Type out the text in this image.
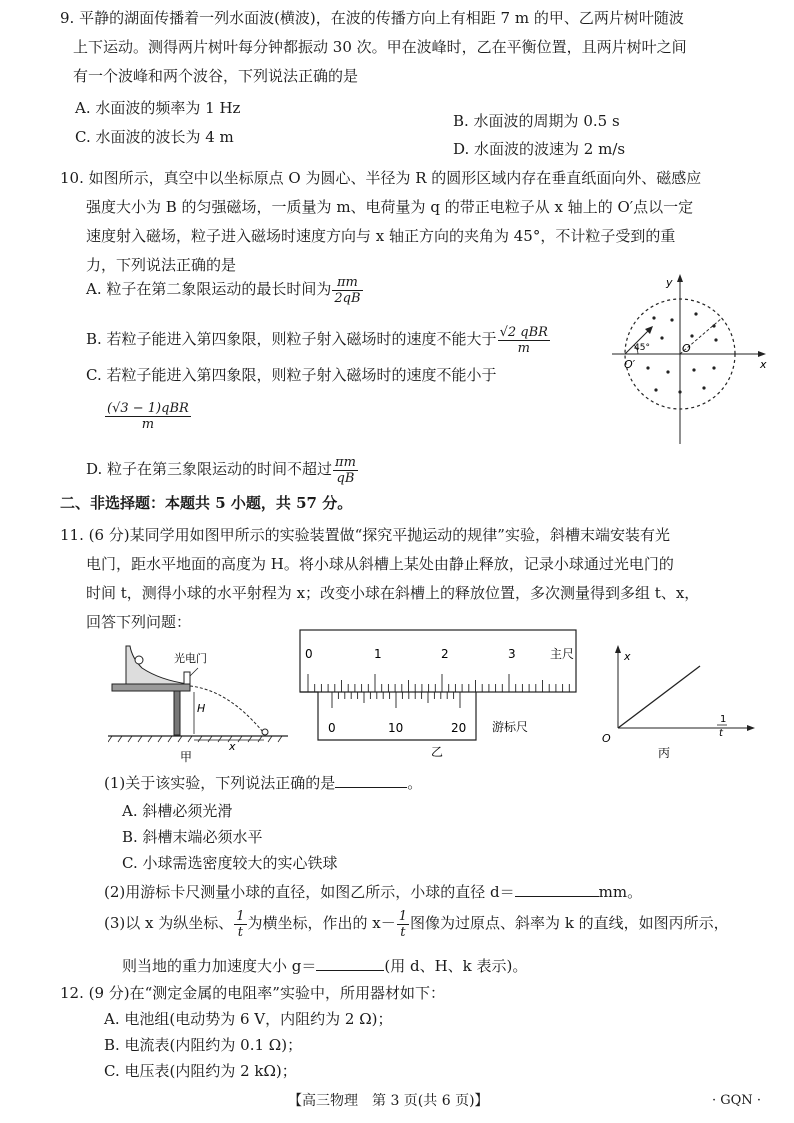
9. 平静的湖面传播着一列水面波(横波)，在波的传播方向上有相距 7 m 的甲、乙两片树叶随波
上下运动。测得两片树叶每分钟都振动 30 次。甲在波峰时，乙在平衡位置，且两片树叶之间
有一个波峰和两个波谷，下列说法正确的是
A. 水面波的频率为 1 Hz
B. 水面波的周期为 0.5 s
C. 水面波的波长为 4 m
D. 水面波的波速为 2 m/s
10. 如图所示，真空中以坐标原点 O 为圆心、半径为 R 的圆形区域内存在垂直纸面向外、磁感应
强度大小为 B 的匀强磁场，一质量为 m、电荷量为 q 的带正电粒子从 x 轴上的 O′点以一定
速度射入磁场，粒子进入磁场时速度方向与 x 轴正方向的夹角为 45°，不计粒子受到的重
力，下列说法正确的是
A. 粒子在第二象限运动的最长时间为 $\frac{\pi m}{2qB}$
B. 若粒子能进入第四象限，则粒子射入磁场时的速度不能大于 $\frac{\text{√2 qBR}}{m}$
C. 若粒子能进入第四象限，则粒子射入磁场时的速度不能小于
$\frac{\text{(√3 − 1)qBR}}{m}$
D. 粒子在第三象限运动的时间不超过 $\frac{\pi m}{qB}$
y
x
O
O′
45°
二、非选择题：本题共 5 小题，共 57 分。
11. (6 分)某同学用如图甲所示的实验装置做“探究平抛运动的规律”实验，斜槽末端安装有光
电门，距水平地面的高度为 H。将小球从斜槽上某处由静止释放，记录小球通过光电门的
时间 t，测得小球的水平射程为 x；改变小球在斜槽上的释放位置，多次测量得到多组 t、x，
回答下列问题：
光电门
H
x
甲
0	1	2	3	主尺
0	10	20 游标尺
乙
x
O
1
t
丙
(1)关于该实验，下列说法正确的是	。
A. 斜槽必须光滑
B. 斜槽末端必须水平
C. 小球需选密度较大的实心铁球
(2)用游标卡尺测量小球的直径，如图乙所示，小球的直径 d＝	mm。
(3)以 x 为纵坐标、 $\frac{1}{t}$ 为横坐标，作出的 $x- \frac{1}{t}$ 图像为过原点、斜率为 k 的直线，如图丙所示，
则当地的重力加速度大小 g＝	(用 d、H、k 表示)。
12. (9 分)在“测定金属的电阻率”实验中，所用器材如下：
A. 电池组(电动势为 6 V，内阻约为 2 Ω)；
B. 电流表(内阻约为 0.1 Ω)；
C. 电压表(内阻约为 2 kΩ)；
【高三物理　第 3 页(共 6 页)】	· GQN ·
